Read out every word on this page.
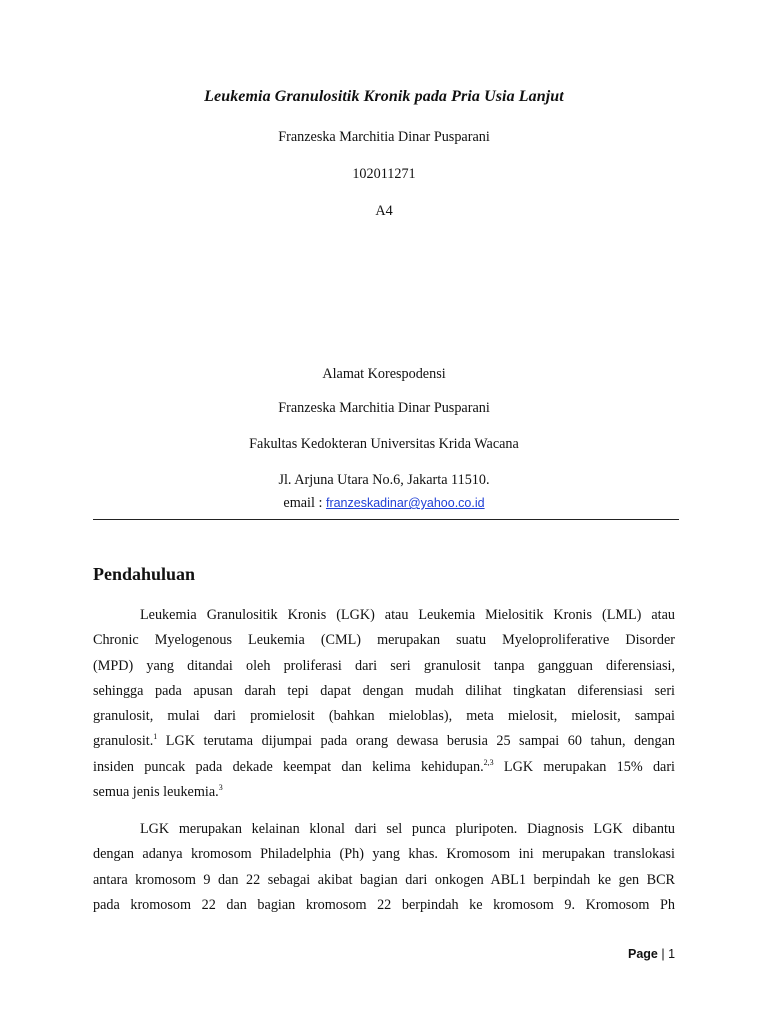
Leukemia Granulositik Kronik pada Pria Usia Lanjut
Franzeska Marchitia Dinar Pusparani
102011271
A4
Alamat Korespodensi
Franzeska Marchitia Dinar Pusparani
Fakultas Kedokteran Universitas Krida Wacana
Jl. Arjuna Utara No.6, Jakarta 11510.
email : franzeskadinar@yahoo.co.id
Pendahuluan
Leukemia Granulositik Kronis (LGK) atau Leukemia Mielositik Kronis (LML) atau
Chronic Myelogenous Leukemia (CML) merupakan suatu Myeloproliferative Disorder
(MPD) yang ditandai oleh proliferasi dari seri granulosit tanpa gangguan diferensiasi,
sehingga pada apusan darah tepi dapat dengan mudah dilihat tingkatan diferensiasi seri
granulosit, mulai dari promielosit (bahkan mieloblas), meta mielosit, mielosit, sampai
granulosit.$^1$ LGK terutama dijumpai pada orang dewasa berusia 25 sampai 60 tahun, dengan
insiden puncak pada dekade keempat dan kelima kehidupan.$^{2,3}$ LGK merupakan 15% dari
semua jenis leukemia.$^3$
LGK merupakan kelainan klonal dari sel punca pluripoten. Diagnosis LGK dibantu
dengan adanya kromosom Philadelphia (Ph) yang khas. Kromosom ini merupakan translokasi
antara kromosom 9 dan 22 sebagai akibat bagian dari onkogen ABL1 berpindah ke gen BCR
pada kromosom 22 dan bagian kromosom 22 berpindah ke kromosom 9. Kromosom Ph
Page | 1
